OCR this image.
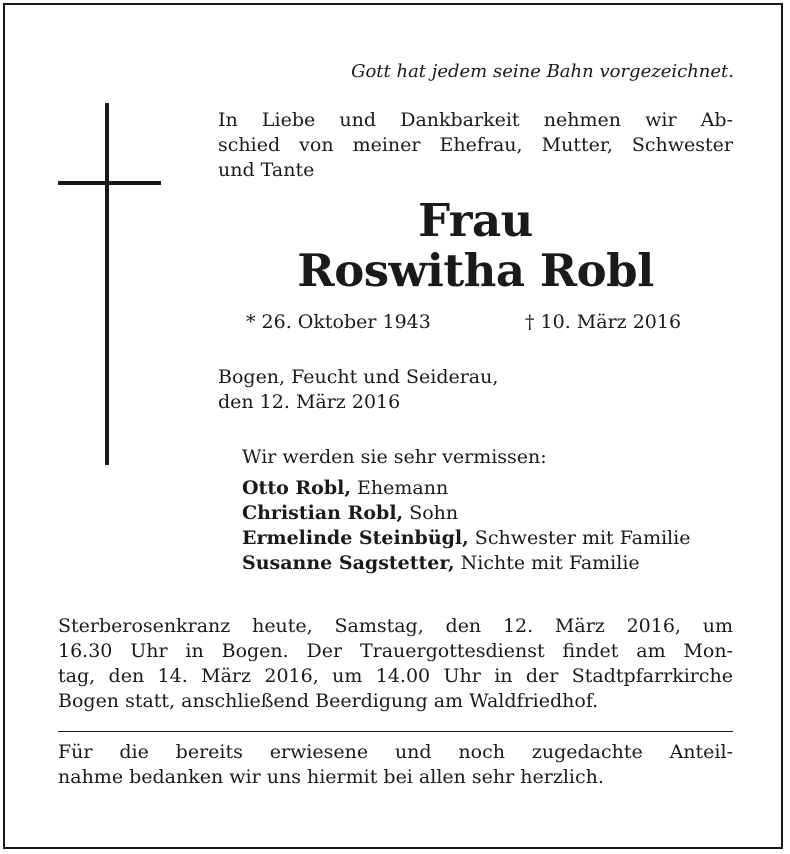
Gott hat jedem seine Bahn vorgezeichnet.
In Liebe und Dankbarkeit nehmen wir Ab-
schied von meiner Ehefrau, Mutter, Schwester
und Tante
Frau
Roswitha Robl
* 26. Oktober 1943	† 10. März 2016
Bogen, Feucht und Seiderau,
den 12. März 2016
Wir werden sie sehr vermissen:
Otto Robl, Ehemann
Christian Robl, Sohn
Ermelinde Steinbügl, Schwester mit Familie
Susanne Sagstetter, Nichte mit Familie
Sterberosenkranz heute, Samstag, den 12. März 2016, um
16.30 Uhr in Bogen. Der Trauergottesdienst findet am Mon-
tag, den 14. März 2016, um 14.00 Uhr in der Stadtpfarrkirche
Bogen statt, anschließend Beerdigung am Waldfriedhof.
Für die bereits erwiesene und noch zugedachte Anteil-
nahme bedanken wir uns hiermit bei allen sehr herzlich.
